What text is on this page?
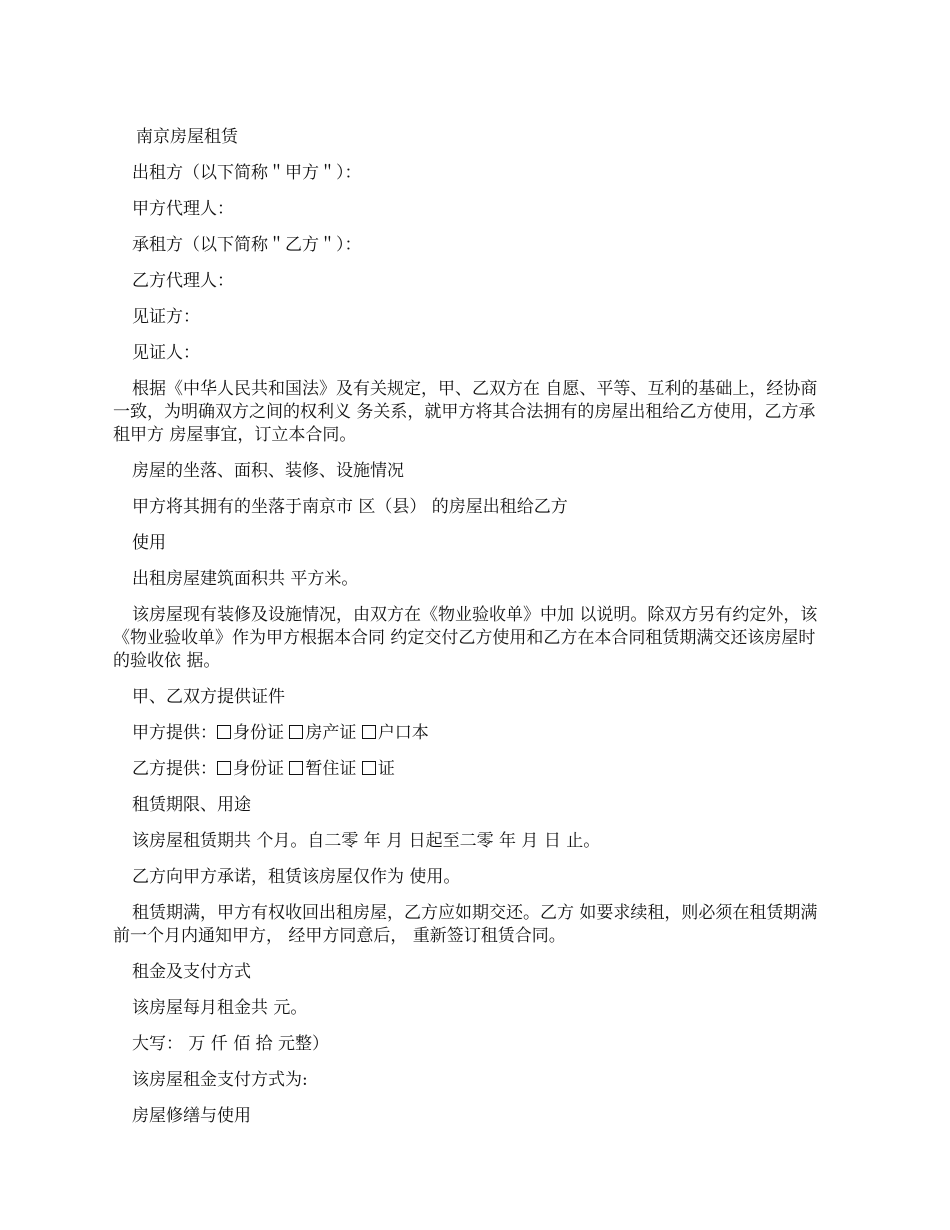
南京房屋租赁

出租方（以下简称＂甲方＂）：

甲方代理人：

承租方（以下简称＂乙方＂）：

乙方代理人：

见证方：

见证人：

根据《中华人民共和国法》及有关规定，甲、乙双方在 自愿、平等、互利的基础上，经协商一致，为明确双方之间的权利义 务关系，就甲方将其合法拥有的房屋出租给乙方使用，乙方承租甲方 房屋事宜，订立本合同。

房屋的坐落、面积、装修、设施情况

甲方将其拥有的坐落于南京市 区（县） 的房屋出租给乙方

使用

出租房屋建筑面积共 平方米。

该房屋现有装修及设施情况，由双方在《物业验收单》中加 以说明。除双方另有约定外，该《物业验收单》作为甲方根据本合同 约定交付乙方使用和乙方在本合同租赁期满交还该房屋时的验收依 据。

甲、乙双方提供证件

甲方提供： 身份证 房产证 户口本

乙方提供： 身份证 暂住证 证

租赁期限、用途

该房屋租赁期共 个月。自二零 年 月 日起至二零 年 月 日 止。

乙方向甲方承诺，租赁该房屋仅作为 使用。

租赁期满，甲方有权收回出租房屋，乙方应如期交还。乙方 如要求续租，则必须在租赁期满前一个月内通知甲方， 经甲方同意后， 重新签订租赁合同。

租金及支付方式

该房屋每月租金共 元。

大写： 万 仟 佰 拾 元整）

该房屋租金支付方式为:

房屋修缮与使用
